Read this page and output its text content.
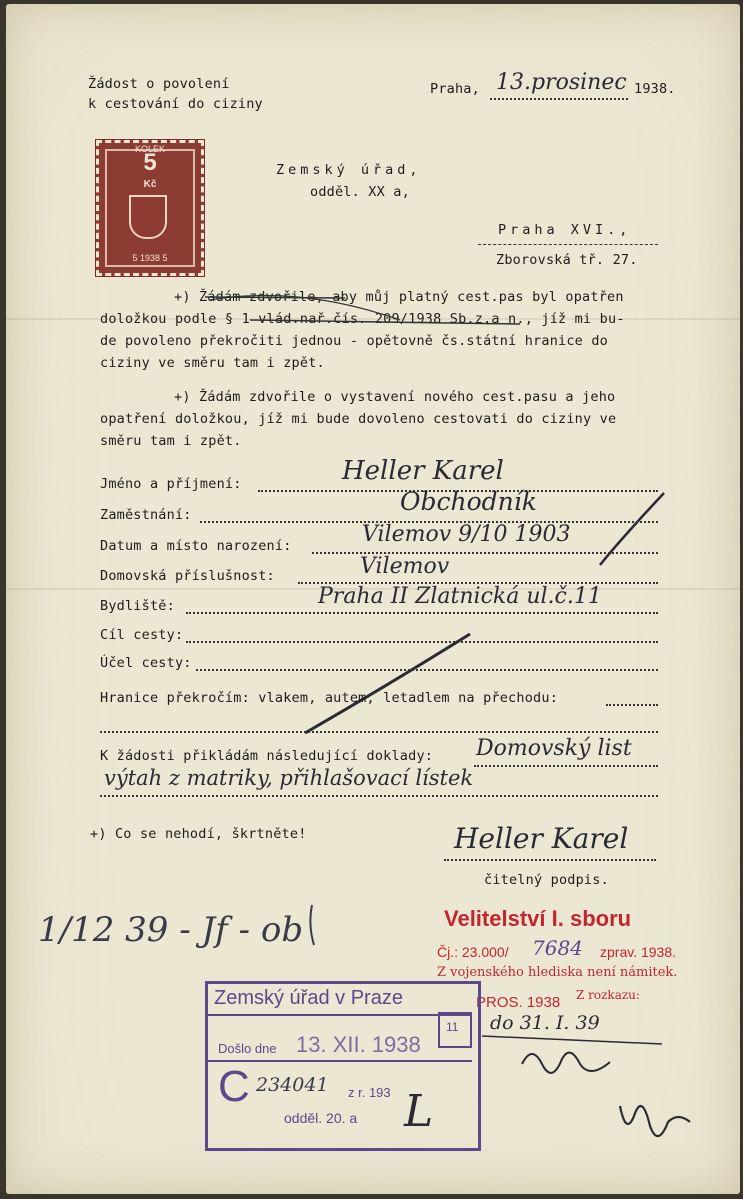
Žádost o povolení
k cestování do ciziny
Praha, 13.prosinec 1938.
KOLEK
5
Kč
5 1938 5
Zemský úřad,
odděl. XX a,
Praha XVI.,
Zborovská tř. 27.
+) Žádám zdvořile, aby můj platný cest.pas byl opatřen
doložkou podle § 1 vlád.nař.čís. 209/1938 Sb.z.a n., jíž mi bu-
de povoleno překročiti jednou - opětovně čs.státní hranice do
ciziny ve směru tam i zpět.
+) Žádám zdvořile o vystavení nového cest.pasu a jeho
opatření doložkou, jíž mi bude dovoleno cestovati do ciziny ve
směru tam i zpět.
Jméno a příjmení:	Heller Karel
Zaměstnání:	Obchodník
Datum a místo narození:	Vilemov 9/10 1903
Domovská příslušnost:	Vilemov
Bydliště:	Praha II Zlatnická ul.č.11
Cíl cesty:
Účel cesty:
Hranice překročím: vlakem, autem, letadlem na přechodu:
K žádosti přikládám následující doklady: Domovský list
výtah z matriky, přihlašovací lístek
+) Co se nehodí, škrtněte!	Heller Karel
čitelný podpis.
1/12 39 - Jf - ob	Velitelství I. sboru
Čj.: 23.000/ 7684 zprav. 1938.
Z vojenského hlediska není námitek.
PROS. 1938 Z rozkazu:
do 31. I. 39
Zemský úřad v Praze
Došlo dne 13. XII. 1938
11
C 234041 z r. 193
odděl. 20. a L
